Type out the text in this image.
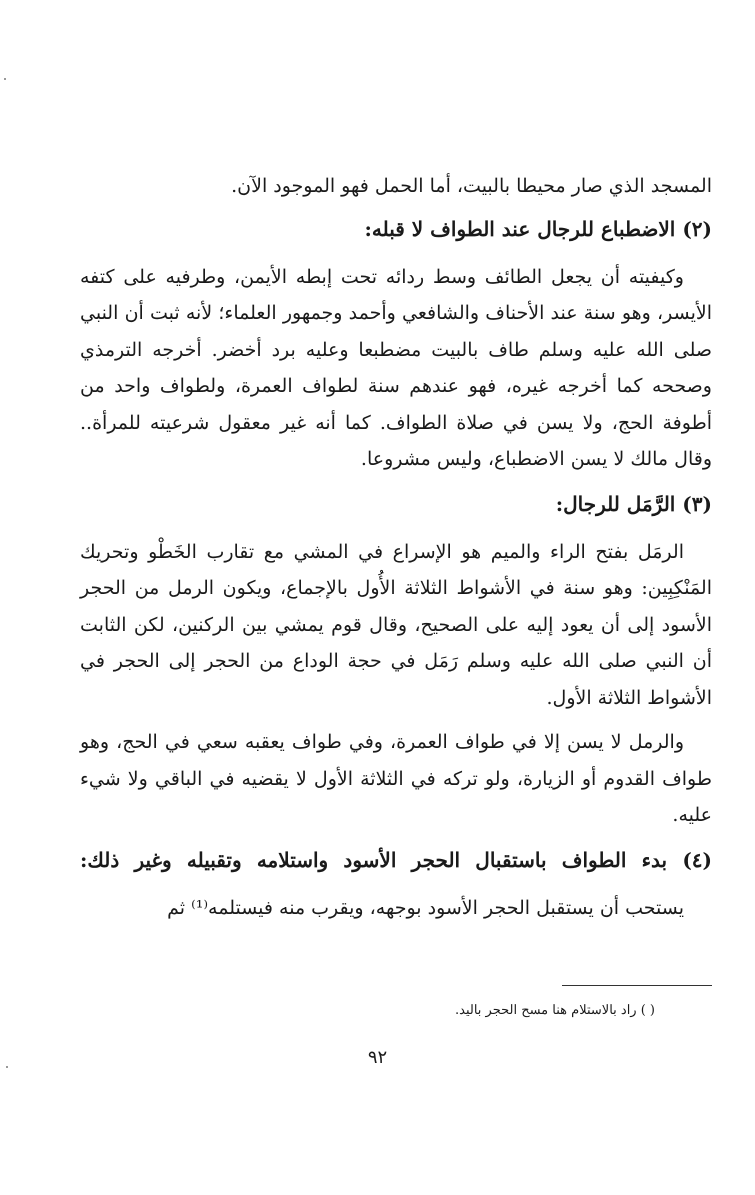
المسجد الذي صار محيطا بالبيت، أما الحمل فهو الموجود الآن.

(٢) الاضطباع للرجال عند الطواف لا قبله:

وكيفيته أن يجعل الطائف وسط ردائه تحت إبطه الأيمن، وطرفيه على كتفه الأيسر، وهو سنة عند الأحناف والشافعي وأحمد وجمهور العلماء؛ لأنه ثبت أن النبي صلى الله عليه وسلم طاف بالبيت مضطبعا وعليه برد أخضر. أخرجه الترمذي وصححه كما أخرجه غيره، فهو عندهم سنة لطواف العمرة، ولطواف واحد من أطوفة الحج، ولا يسن في صلاة الطواف. كما أنه غير معقول شرعيته للمرأة.. وقال مالك لا يسن الاضطباع، وليس مشروعا.

(٣) الرَّمَل للرجال:

الرمَل بفتح الراء والميم هو الإسراع في المشي مع تقارب الخَطْو وتحريك المَنْكِبِين: وهو سنة في الأشواط الثلاثة الأُول بالإجماع، ويكون الرمل من الحجر الأسود إلى أن يعود إليه على الصحيح، وقال قوم يمشي بين الركنين، لكن الثابت أن النبي صلى الله عليه وسلم رَمَل في حجة الوداع من الحجر إلى الحجر في الأشواط الثلاثة الأول.

والرمل لا يسن إلا في طواف العمرة، وفي طواف يعقبه سعي في الحج، وهو طواف القدوم أو الزيارة، ولو تركه في الثلاثة الأول لا يقضيه في الباقي ولا شيء عليه.

(٤) بدء الطواف باستقبال الحجر الأسود واستلامه وتقبيله وغير ذلك:

يستحب أن يستقبل الحجر الأسود بوجهه، ويقرب منه فيستلمه⁽¹⁾ ثم

( ) راد بالاستلام هنا مسح الحجر باليد.
٩٢
